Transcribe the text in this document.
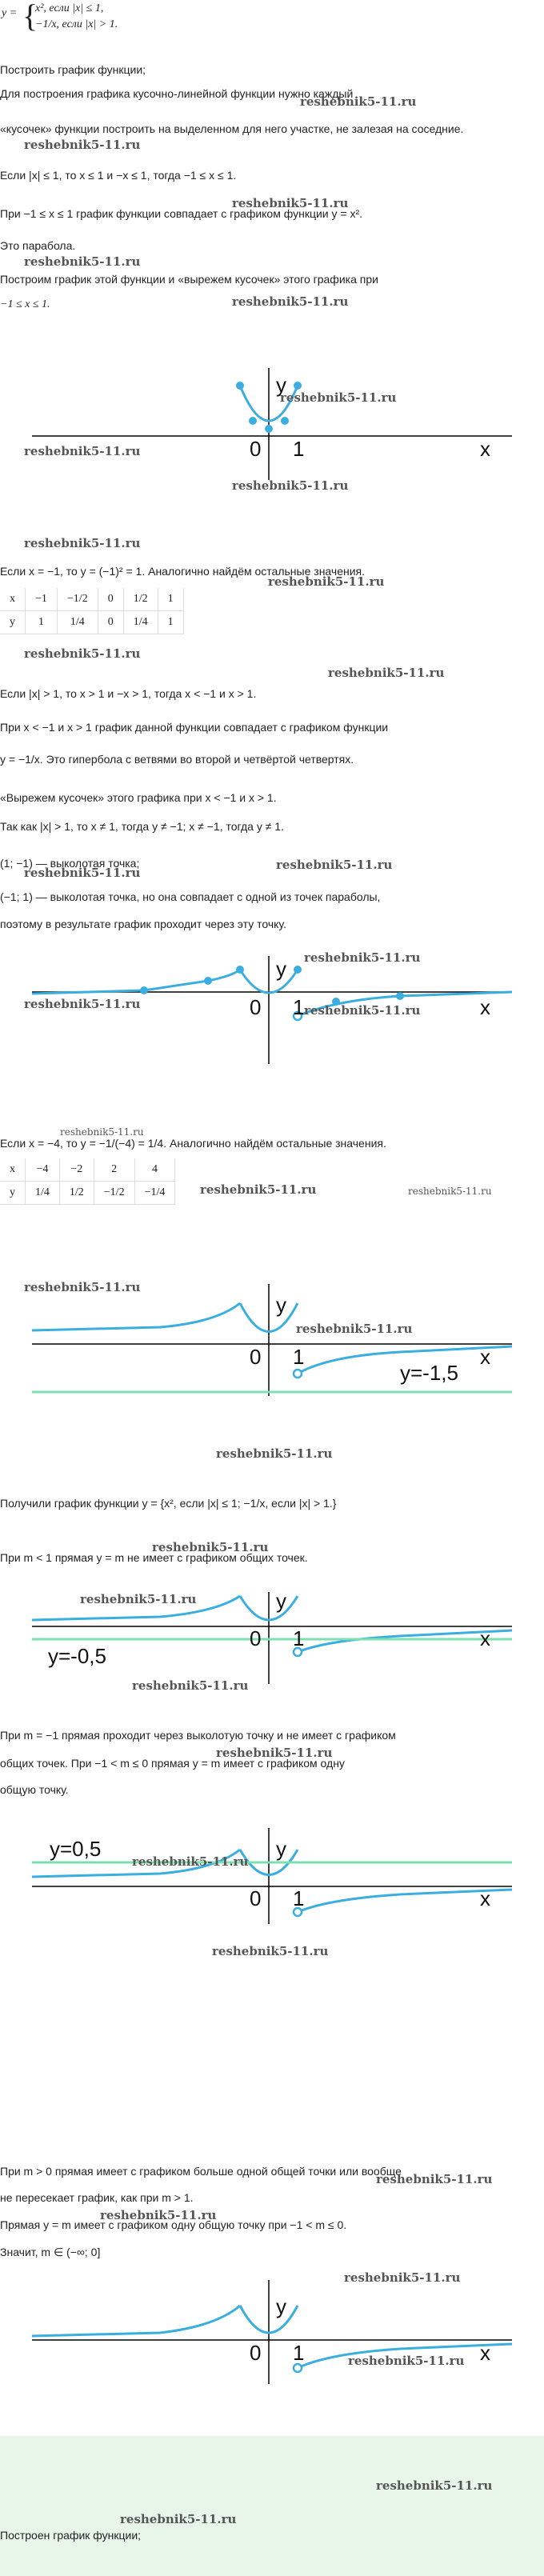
y = {
x², если |x| ≤ 1,
−1/x, если |x| > 1.
Построить график функции;
Для построения графика кусочно-линейной функции нужно каждый
«кусочек» функции построить на выделенном для него участке, не залезая на соседние.
Если |x| ≤ 1, то x ≤ 1 и −x ≤ 1, тогда −1 ≤ x ≤ 1.
При −1 ≤ x ≤ 1 график функции совпадает с графиком функции y = x².
Это парабола.
Построим график этой функции и «вырежем кусочек» этого графика при
−1 ≤ x ≤ 1.
y
x
0 1
Если x = −1, то y = (−1)² = 1. Аналогично найдём остальные значения.
x	−1	−1/2	0	1/2	1
y	1	1/4	0	1/4	1
Если |x| > 1, то x > 1 и −x > 1, тогда x < −1 и x > 1.
При x < −1 и x > 1 график данной функции совпадает с графиком функции
y = −1/x. Это гипербола с ветвями во второй и четвёртой четвертях.
«Вырежем кусочек» этого графика при x < −1 и x > 1.
Так как |x| > 1, то x ≠ 1, тогда y ≠ −1; x ≠ −1, тогда y ≠ 1.
(1; −1) — выколотая точка;
(−1; 1) — выколотая точка, но она совпадает с одной из точек параболы,
поэтому в результате график проходит через эту точку.
y
x
0 1
Если x = −4, то y = −1/(−4) = 1/4. Аналогично найдём остальные значения.
x	−4	−2	2	4
y	1/4	1/2	−1/2	−1/4
y
x
0 1
y=-1,5
Получили график функции y = {x², если |x| ≤ 1; −1/x, если |x| > 1.}
При m < 1 прямая y = m не имеет с графиком общих точек.
y
x
0 1
y=-0,5
При m = −1 прямая проходит через выколотую точку и не имеет с графиком
общих точек. При −1 < m ≤ 0 прямая y = m имеет с графиком одну
общую точку.
y
x
0 1
y=0,5
При m > 0 прямая имеет с графиком больше одной общей точки или вообще
не пересекает график, как при m > 1.
Прямая y = m имеет с графиком одну общую точку при −1 < m ≤ 0.
Значит, m ∈ (−∞; 0]
y
x
0 1
Построен график функции;
reshebnik5-11.ru
reshebnik5-11.ru
reshebnik5-11.ru
reshebnik5-11.ru
reshebnik5-11.ru
reshebnik5-11.ru
reshebnik5-11.ru
reshebnik5-11.ru
reshebnik5-11.ru
reshebnik5-11.ru
reshebnik5-11.ru
reshebnik5-11.ru
reshebnik5-11.ru
reshebnik5-11.ru
reshebnik5-11.ru
reshebnik5-11.ru	reshebnik5-11.ru
reshebnik5-11.ru	reshebnik5-11.ru
reshebnik5-11.ru
reshebnik5-11.ru
reshebnik5-11.ru
reshebnik5-11.ru
reshebnik5-11.ru
reshebnik5-11.ru
reshebnik5-11.ru
reshebnik5-11.ru
reshebnik5-11.ru
reshebnik5-11.ru
reshebnik5-11.ru
reshebnik5-11.ru
reshebnik5-11.ru
reshebnik5-11.ru
reshebnik5-11.ru
reshebnik5-11.ru
